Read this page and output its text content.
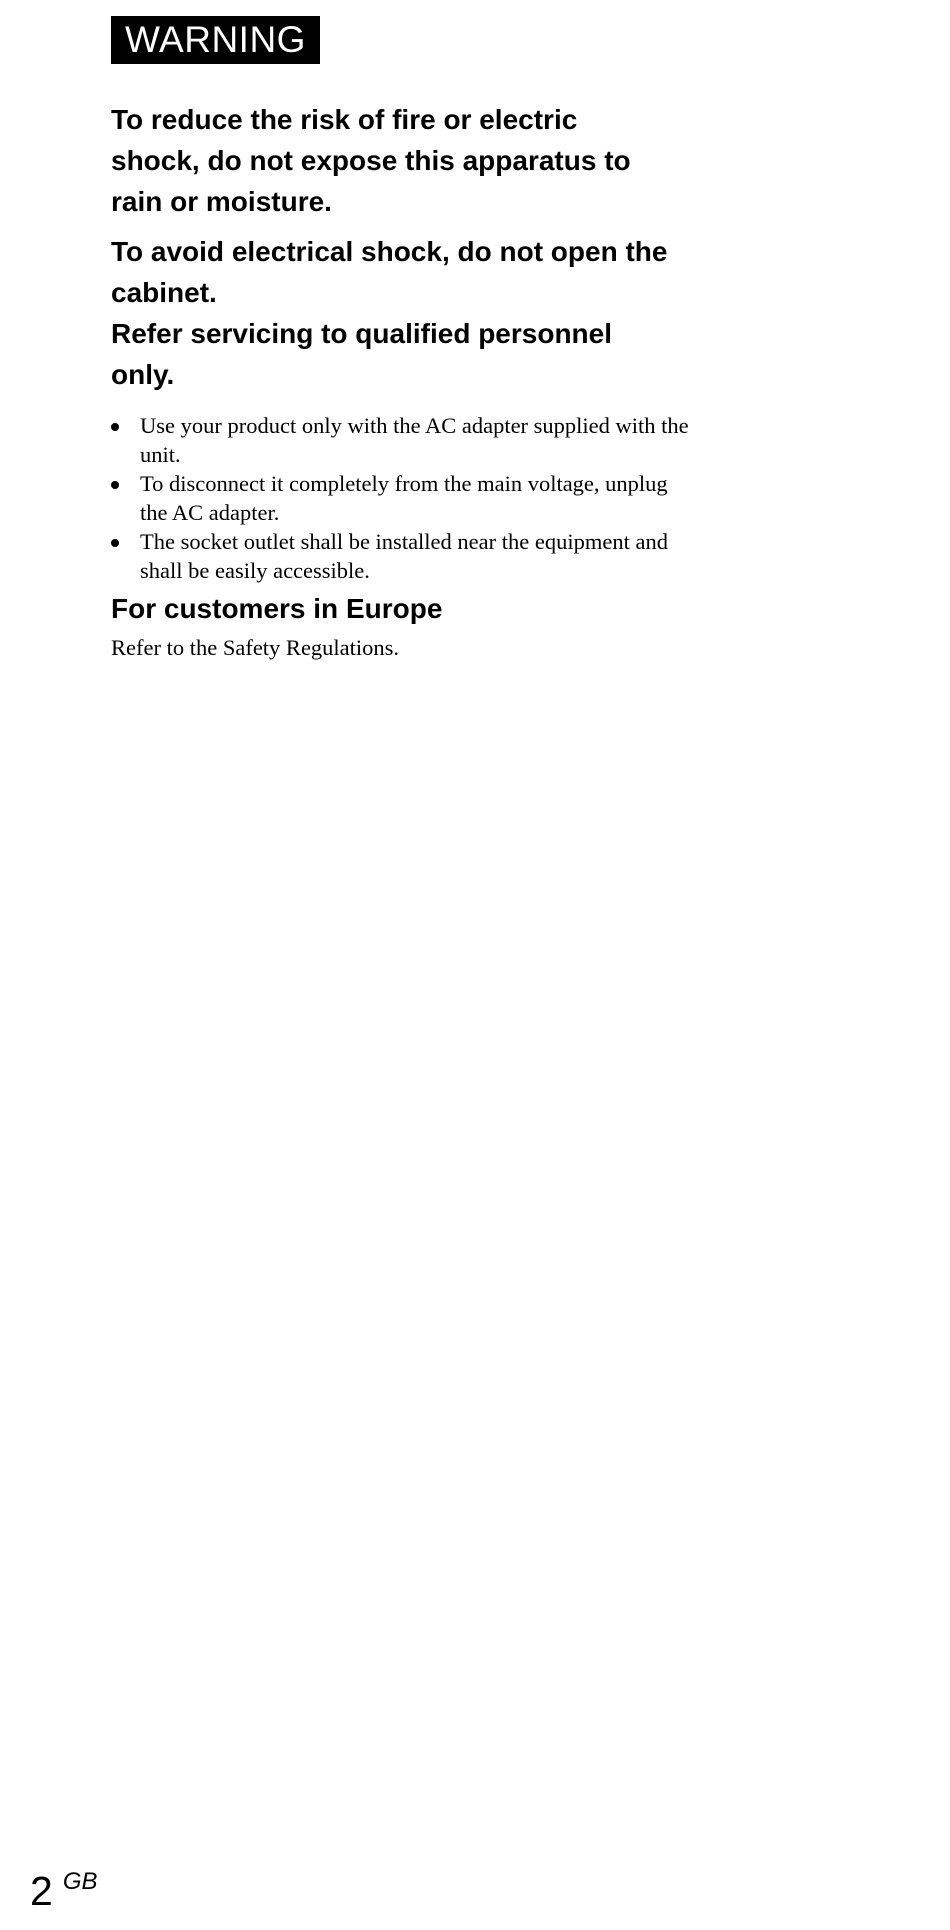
WARNING

To reduce the risk of fire or electric shock, do not expose this apparatus to rain or moisture.

To avoid electrical shock, do not open the cabinet.

Refer servicing to qualified personnel only.

Use your product only with the AC adapter supplied with the unit.
To disconnect it completely from the main voltage, unplug the AC adapter.
The socket outlet shall be installed near the equipment and shall be easily accessible.
For customers in Europe

Refer to the Safety Regulations.

2 GB
